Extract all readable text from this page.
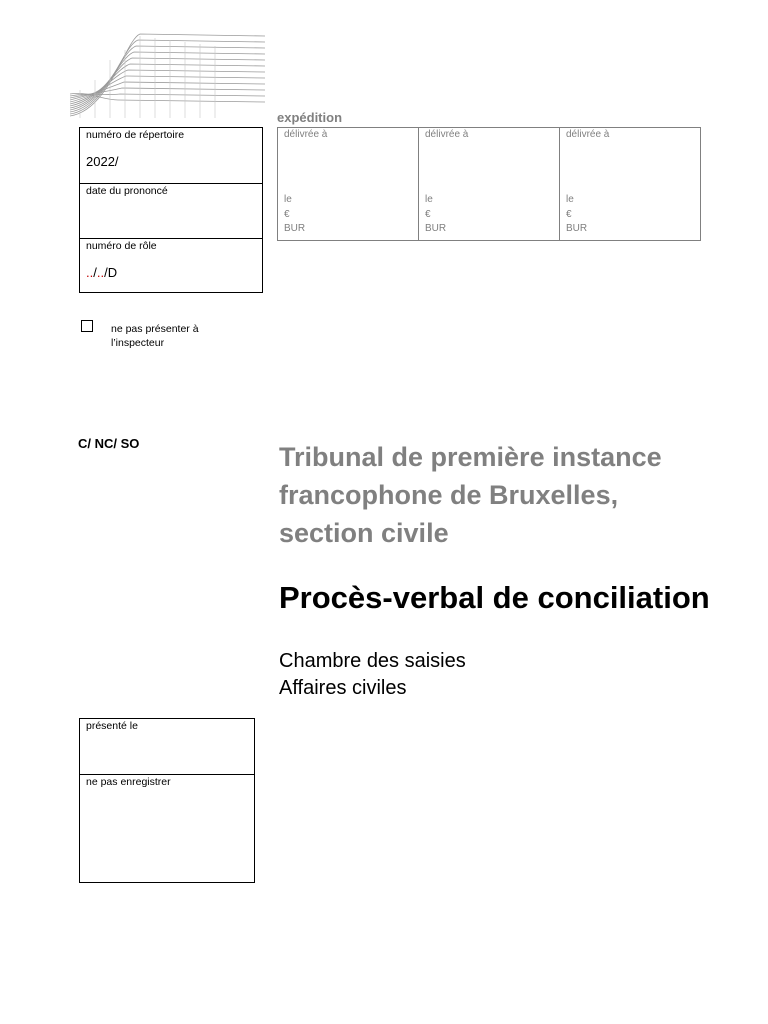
numéro de répertoire
2022/
date du prononcé
numéro de rôle
../../D
expédition
délivrée à
le
€
BUR
délivrée à
le
€
BUR
délivrée à
le
€
BUR
ne pas présenter à
l’inspecteur
C/ NC/ SO	Tribunal de première instance
francophone de Bruxelles,
section civile
Procès-verbal de conciliation
Chambre des saisies
Affaires civiles
présenté le
ne pas enregistrer
